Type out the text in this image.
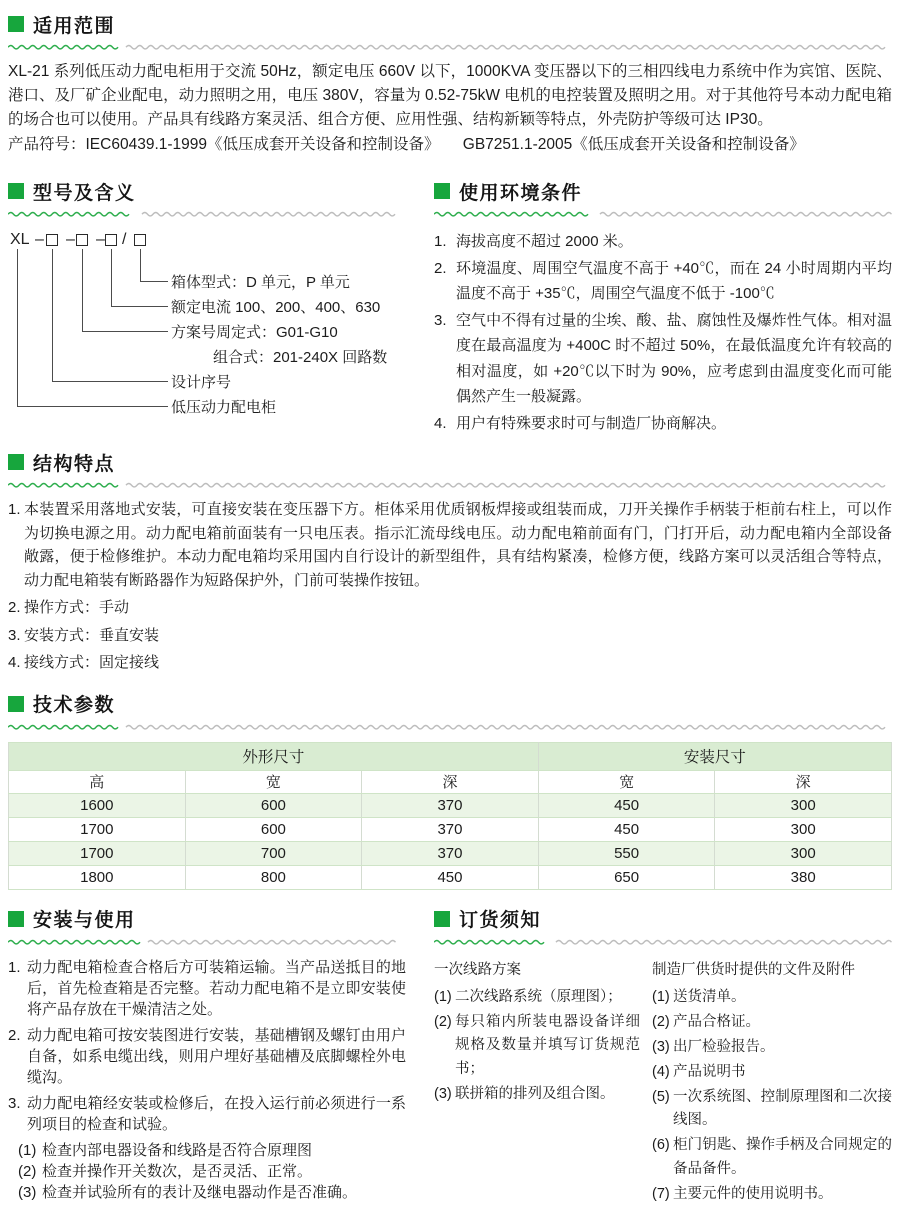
适用范围
XL-21 系列低压动力配电柜用于交流 50Hz，额定电压 660V 以下，1000KVA 变压器以下的三相四线电力系统中作为宾馆、医院、港口、及厂矿企业配电，动力照明之用，电压 380V，容量为 0.52-75kW 电机的电控装置及照明之用。对于其他符号本动力配电箱的场合也可以使用。产品具有线路方案灵活、组合方便、应用性强、结构新颖等特点，外壳防护等级可达 IP30。
产品符号：IEC60439.1-1999《低压成套开关设备和控制设备》　　GB7251.1-2005《低压成套开关设备和控制设备》
型号及含义
XL – – – /
箱体型式：D 单元，P 单元
额定电流 100、200、400、630
方案号周定式：G01-G10
组合式：201-240X 回路数
设计序号
低压动力配电柜
使用环境条件
1. 海拔高度不超过 2000 米。
2. 环境温度、周围空气温度不高于 +40℃，而在 24 小时周期内平均温度不高于 +35℃，周围空气温度不低于 -100℃
3. 空气中不得有过量的尘埃、酸、盐、腐蚀性及爆炸性气体。相对温度在最高温度为 +400C 时不超过 50%，在最低温度允许有较高的相对温度，如 +20℃以下时为 90%，应考虑到由温度变化而可能偶然产生一般凝露。
4. 用户有特殊要求时可与制造厂协商解决。
结构特点
1. 本装置采用落地式安装，可直接安装在变压器下方。柜体采用优质钢板焊接或组装而成，刀开关操作手柄装于柜前右柱上，可以作为切换电源之用。动力配电箱前面装有一只电压表。指示汇流母线电压。动力配电箱前面有门，门打开后，动力配电箱内全部设备敞露，便于检修维护。本动力配电箱均采用国内自行设计的新型组件，具有结构紧凑，检修方便，线路方案可以灵活组合等特点，动力配电箱装有断路器作为短路保护外，门前可装操作按钮。
2. 操作方式：手动
3. 安装方式：垂直安装
4. 接线方式：固定接线
技术参数
外形尺寸			安装尺寸	
高	宽	深	宽	深
1600	600	370	450	300
1700	600	370	450	300
1700	700	370	550	300
1800	800	450	650	380
安装与使用
1. 动力配电箱检查合格后方可装箱运输。当产品送抵目的地后，首先检查箱是否完整。若动力配电箱不是立即安装使将产品存放在干燥清洁之处。
2. 动力配电箱可按安装图进行安装，基础槽钢及螺钉由用户自备，如系电缆出线，则用户埋好基础槽及底脚螺栓外电缆沟。
3. 动力配电箱经安装或检修后，在投入运行前必须进行一系列项目的检查和试验。
(1) 检查内部电器设备和线路是否符合原理图
(2) 检查并操作开关数次，是否灵活、正常。
(3) 检查并试验所有的表计及继电器动作是否准确。
订货须知
一次线路方案
(1) 二次线路系统（原理图）；
(2) 每只箱内所装电器设备详细规格及数量并填写订货规范书；
(3) 联拼箱的排列及组合图。
制造厂供货时提供的文件及附件
(1) 送货清单。
(2) 产品合格证。
(3) 出厂检验报告。
(4) 产品说明书
(5) 一次系统图、控制原理图和二次接线图。
(6) 柜门钥匙、操作手柄及合同规定的备品备件。
(7) 主要元件的使用说明书。
